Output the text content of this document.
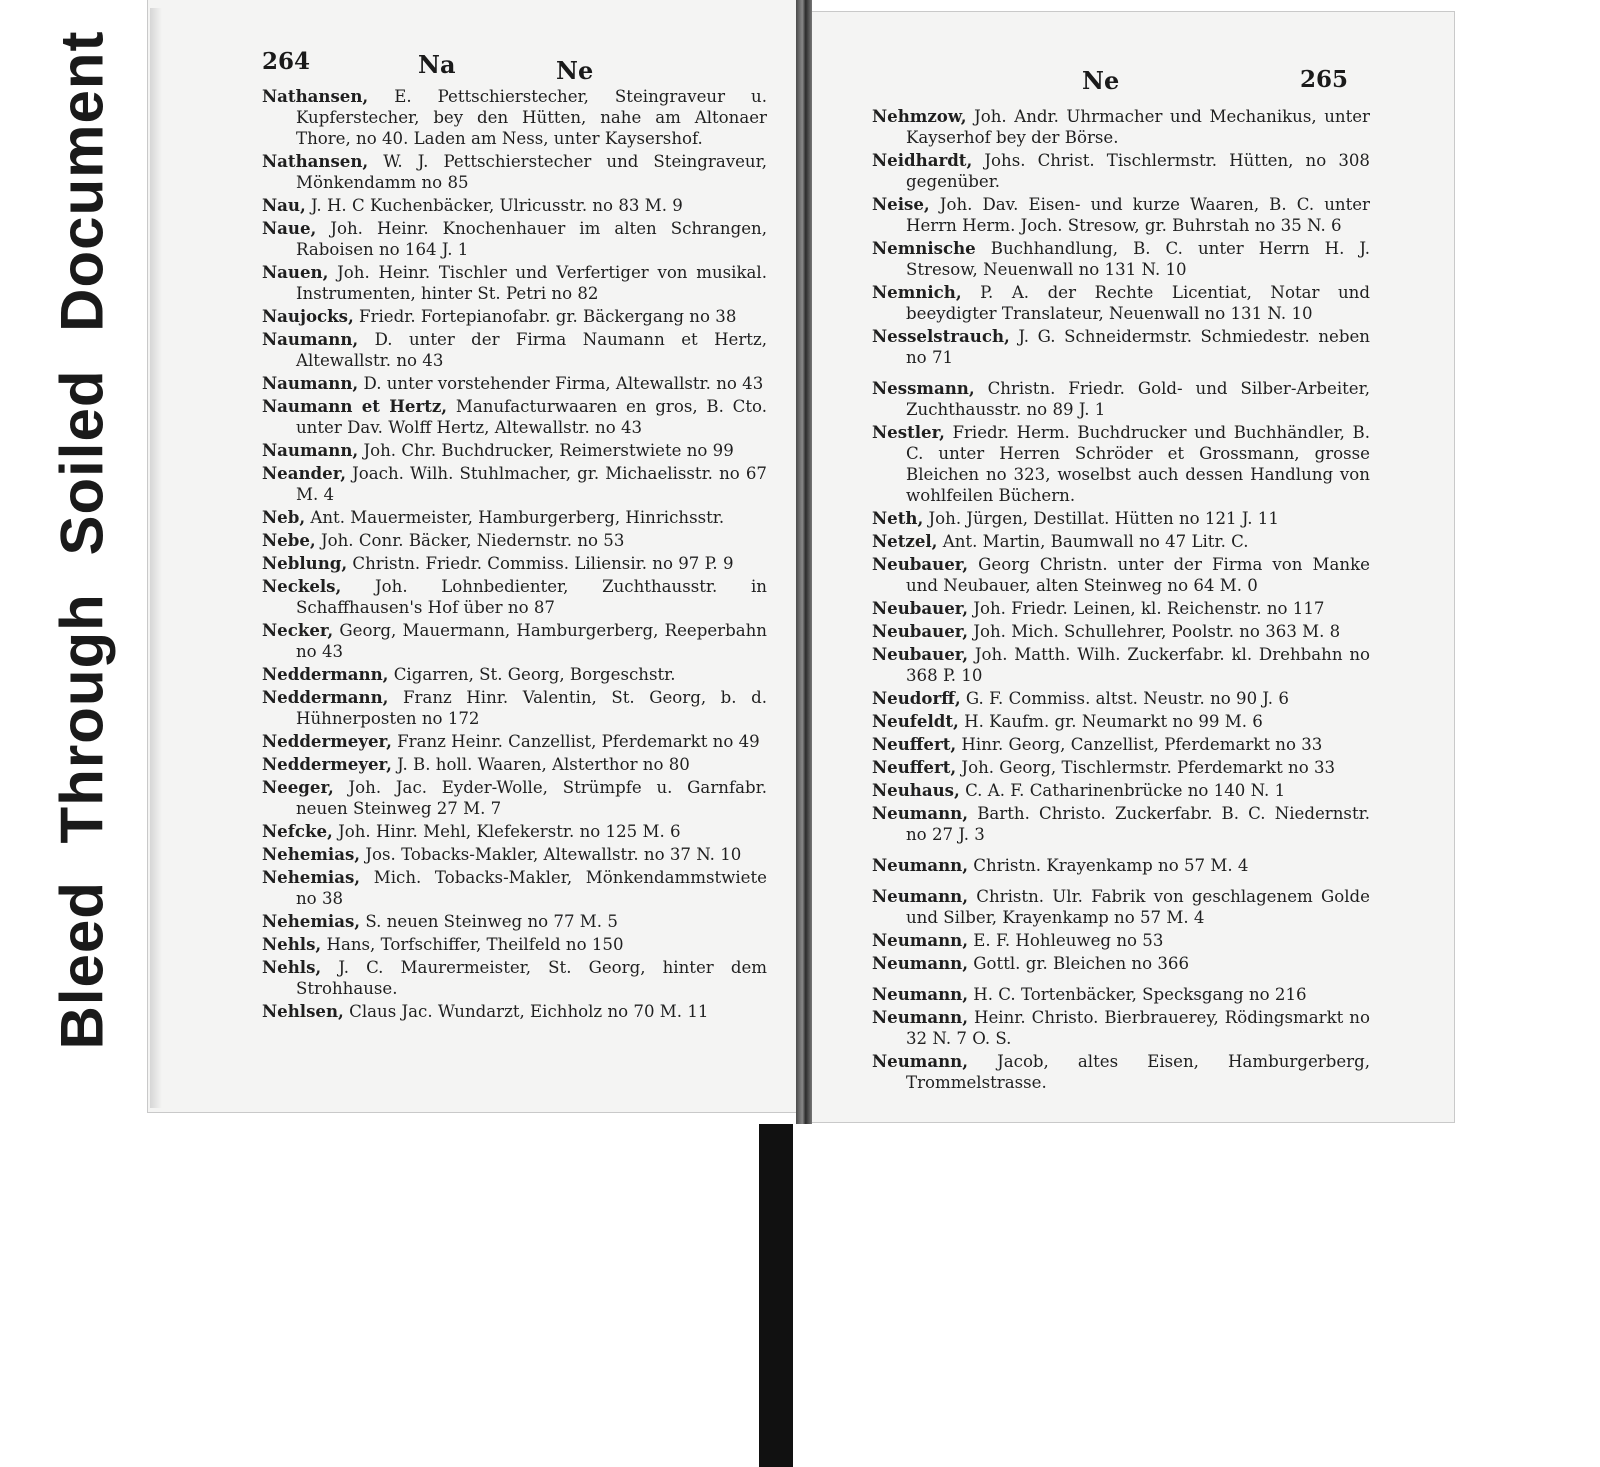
Bleed Through Soiled Document	264	Na	Ne	Ne	265
Nathansen, E. Pettschierstecher, Steingraveur u. Kupferstecher, bey den Hütten, nahe am Altonaer Thore, no 40. Laden am Ness, unter Kaysershof.
Nathansen, W. J. Pettschierstecher und Steingraveur, Mönkendamm no 85
Nau, J. H. C Kuchenbäcker, Ulricusstr. no 83 M. 9
Naue, Joh. Heinr. Knochenhauer im alten Schrangen, Raboisen no 164 J. 1
Nauen, Joh. Heinr. Tischler und Verfertiger von musikal. Instrumenten, hinter St. Petri no 82
Naujocks, Friedr. Fortepianofabr. gr. Bäckergang no 38
Naumann, D. unter der Firma Naumann et Hertz, Altewallstr. no 43
Naumann, D. unter vorstehender Firma, Altewallstr. no 43
Naumann et Hertz, Manufacturwaaren en gros, B. Cto. unter Dav. Wolff Hertz, Altewallstr. no 43
Naumann, Joh. Chr. Buchdrucker, Reimerstwiete no 99
Neander, Joach. Wilh. Stuhlmacher, gr. Michaelisstr. no 67 M. 4
Neb, Ant. Mauermeister, Hamburgerberg, Hinrichsstr.
Nebe, Joh. Conr. Bäcker, Niedernstr. no 53
Neblung, Christn. Friedr. Commiss. Liliensir. no 97 P. 9
Neckels, Joh. Lohnbedienter, Zuchthausstr. in Schaffhausen's Hof über no 87
Necker, Georg, Mauermann, Hamburgerberg, Reeperbahn no 43
Neddermann, Cigarren, St. Georg, Borgeschstr.
Neddermann, Franz Hinr. Valentin, St. Georg, b. d. Hühnerposten no 172
Neddermeyer, Franz Heinr. Canzellist, Pferdemarkt no 49
Neddermeyer, J. B. holl. Waaren, Alsterthor no 80
Neeger, Joh. Jac. Eyder-Wolle, Strümpfe u. Garnfabr. neuen Steinweg 27 M. 7
Nefcke, Joh. Hinr. Mehl, Klefekerstr. no 125 M. 6
Nehemias, Jos. Tobacks-Makler, Altewallstr. no 37 N. 10
Nehemias, Mich. Tobacks-Makler, Mönkendammstwiete no 38
Nehemias, S. neuen Steinweg no 77 M. 5
Nehls, Hans, Torfschiffer, Theilfeld no 150
Nehls, J. C. Maurermeister, St. Georg, hinter dem Strohhause.
Nehlsen, Claus Jac. Wundarzt, Eichholz no 70 M. 11
Nehmzow, Joh. Andr. Uhrmacher und Mechanikus, unter Kayserhof bey der Börse.
Neidhardt, Johs. Christ. Tischlermstr. Hütten, no 308 gegenüber.
Neise, Joh. Dav. Eisen- und kurze Waaren, B. C. unter Herrn Herm. Joch. Stresow, gr. Buhrstah no 35 N. 6
Nemnische Buchhandlung, B. C. unter Herrn H. J. Stresow, Neuenwall no 131 N. 10
Nemnich, P. A. der Rechte Licentiat, Notar und beeydigter Translateur, Neuenwall no 131 N. 10
Nesselstrauch, J. G. Schneidermstr. Schmiedestr. neben no 71
Nessmann, Christn. Friedr. Gold- und Silber-Arbeiter, Zuchthausstr. no 89 J. 1
Nestler, Friedr. Herm. Buchdrucker und Buchhändler, B. C. unter Herren Schröder et Grossmann, grosse Bleichen no 323, woselbst auch dessen Handlung von wohlfeilen Büchern.
Neth, Joh. Jürgen, Destillat. Hütten no 121 J. 11
Netzel, Ant. Martin, Baumwall no 47 Litr. C.
Neubauer, Georg Christn. unter der Firma von Manke und Neubauer, alten Steinweg no 64 M. 0
Neubauer, Joh. Friedr. Leinen, kl. Reichenstr. no 117
Neubauer, Joh. Mich. Schullehrer, Poolstr. no 363 M. 8
Neubauer, Joh. Matth. Wilh. Zuckerfabr. kl. Drehbahn no 368 P. 10
Neudorff, G. F. Commiss. altst. Neustr. no 90 J. 6
Neufeldt, H. Kaufm. gr. Neumarkt no 99 M. 6
Neuffert, Hinr. Georg, Canzellist, Pferdemarkt no 33
Neuffert, Joh. Georg, Tischlermstr. Pferdemarkt no 33
Neuhaus, C. A. F. Catharinenbrücke no 140 N. 1
Neumann, Barth. Christo. Zuckerfabr. B. C. Niedernstr. no 27 J. 3
Neumann, Christn. Krayenkamp no 57 M. 4
Neumann, Christn. Ulr. Fabrik von geschlagenem Golde und Silber, Krayenkamp no 57 M. 4
Neumann, E. F. Hohleuweg no 53
Neumann, Gottl. gr. Bleichen no 366
Neumann, H. C. Tortenbäcker, Specksgang no 216
Neumann, Heinr. Christo. Bierbrauerey, Rödingsmarkt no 32 N. 7 O. S.
Neumann, Jacob, altes Eisen, Hamburgerberg, Trommelstrasse.
